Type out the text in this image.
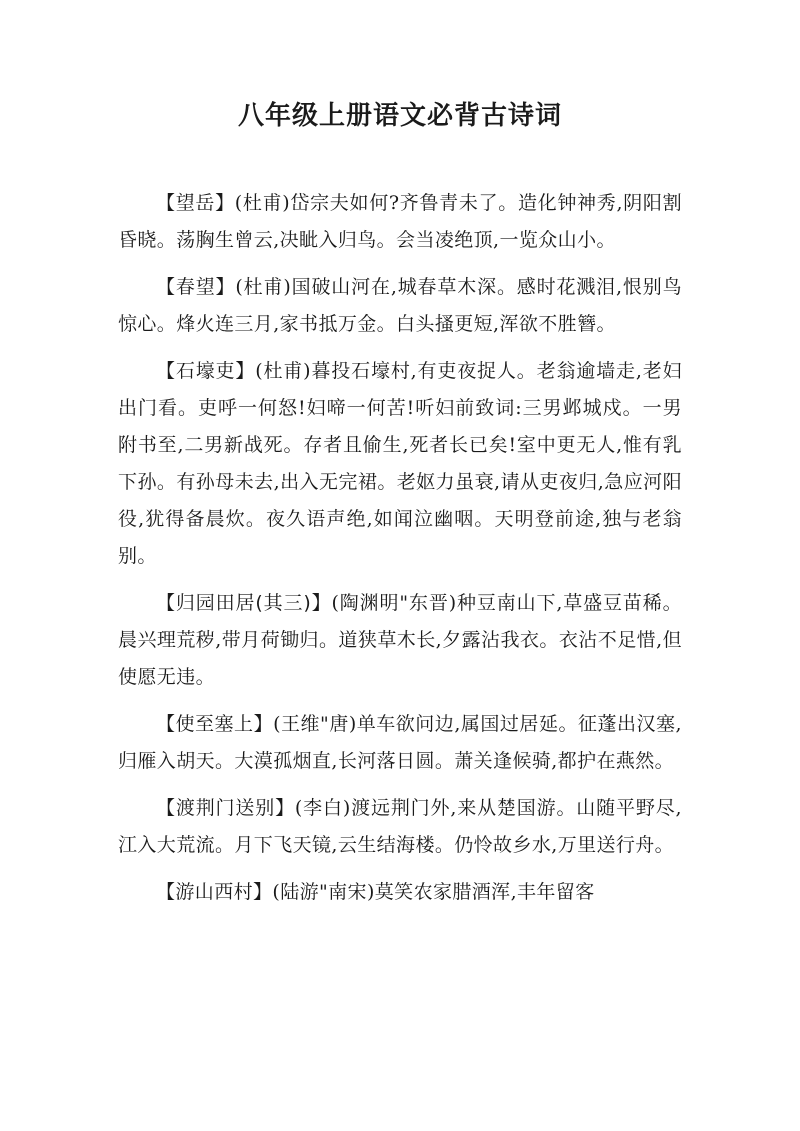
八年级上册语文必背古诗词

【望岳】(杜甫)岱宗夫如何?齐鲁青未了。造化钟神秀,阴阳割昏晓。荡胸生曾云,决眦入归鸟。会当凌绝顶,一览众山小。

【春望】(杜甫)国破山河在,城春草木深。感时花溅泪,恨别鸟惊心。烽火连三月,家书抵万金。白头搔更短,浑欲不胜簪。

【石壕吏】(杜甫)暮投石壕村,有吏夜捉人。老翁逾墙走,老妇出门看。吏呼一何怒!妇啼一何苦!听妇前致词:三男邺城戍。一男附书至,二男新战死。存者且偷生,死者长已矣!室中更无人,惟有乳下孙。有孙母未去,出入无完裙。老妪力虽衰,请从吏夜归,急应河阳役,犹得备晨炊。夜久语声绝,如闻泣幽咽。天明登前途,独与老翁别。

【归园田居(其三)】(陶渊明"东晋)种豆南山下,草盛豆苗稀。晨兴理荒秽,带月荷锄归。道狭草木长,夕露沾我衣。衣沾不足惜,但使愿无违。

【使至塞上】(王维"唐)单车欲问边,属国过居延。征蓬出汉塞,归雁入胡天。大漠孤烟直,长河落日圆。萧关逢候骑,都护在燕然。

【渡荆门送别】(李白)渡远荆门外,来从楚国游。山随平野尽,江入大荒流。月下飞天镜,云生结海楼。仍怜故乡水,万里送行舟。

【游山西村】(陆游"南宋)莫笑农家腊酒浑,丰年留客
